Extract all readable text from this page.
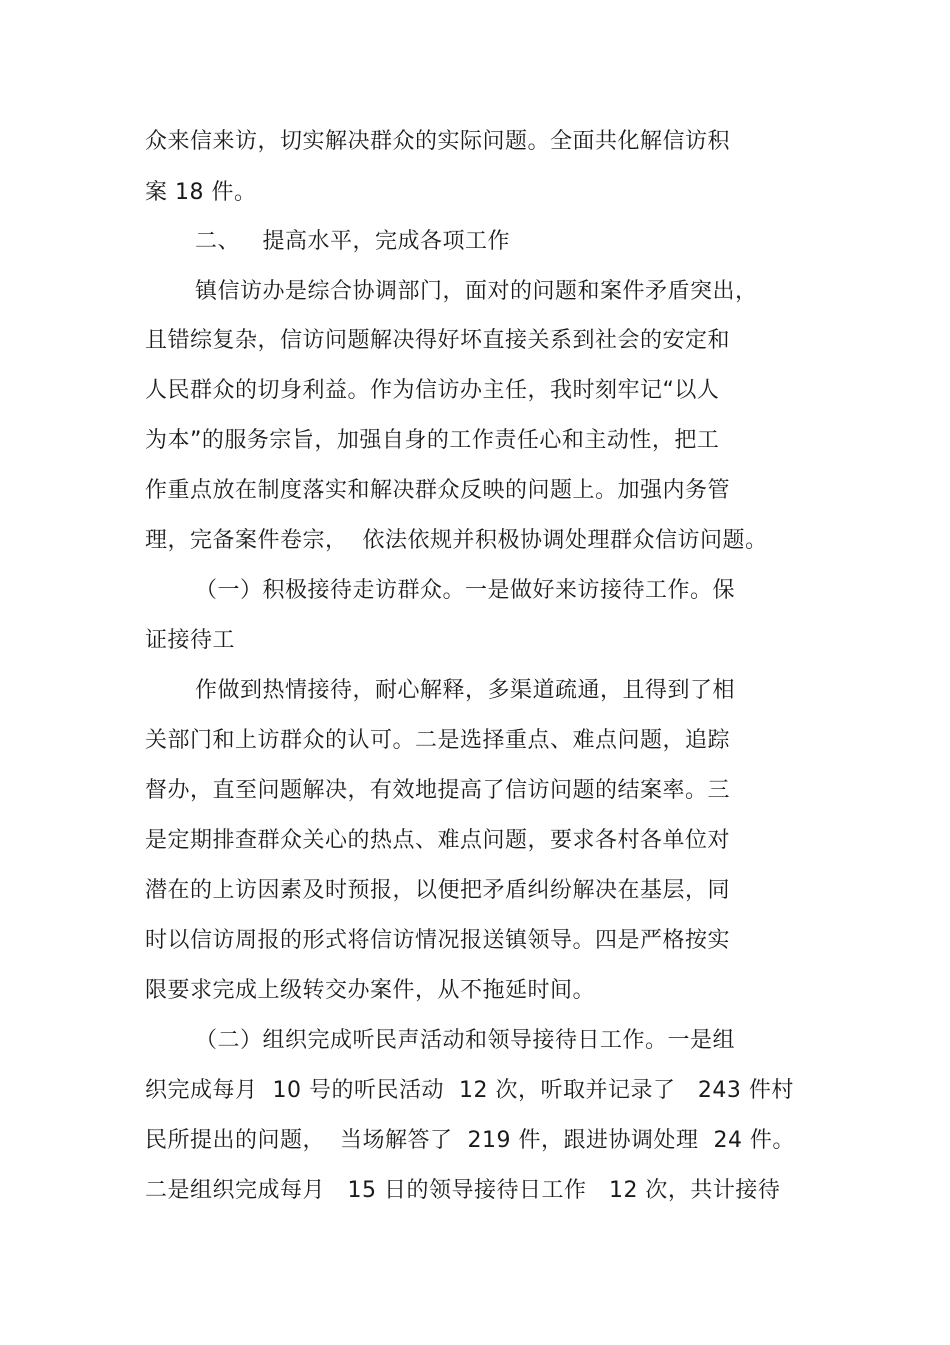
众来信来访，切实解决群众的实际问题。全面共化解信访积
案 18 件。
二、   提高水平，完成各项工作
镇信访办是综合协调部门，面对的问题和案件矛盾突出，
且错综复杂，信访问题解决得好坏直接关系到社会的安定和
人民群众的切身利益。作为信访办主任，我时刻牢记“以人
为本”的服务宗旨，加强自身的工作责任心和主动性，把工
作重点放在制度落实和解决群众反映的问题上。加强内务管
理，完备案件卷宗，  依法依规并积极协调处理群众信访问题。
（一）积极接待走访群众。一是做好来访接待工作。保
证接待工
作做到热情接待，耐心解释，多渠道疏通，且得到了相
关部门和上访群众的认可。二是选择重点、难点问题，追踪
督办，直至问题解决，有效地提高了信访问题的结案率。三
是定期排查群众关心的热点、难点问题，要求各村各单位对
潜在的上访因素及时预报，以便把矛盾纠纷解决在基层，同
时以信访周报的形式将信访情况报送镇领导。四是严格按实
限要求完成上级转交办案件，从不拖延时间。
（二）组织完成听民声活动和领导接待日工作。一是组
织完成每月  10 号的听民活动  12 次，听取并记录了   243 件村
民所提出的问题，  当场解答了  219 件，跟进协调处理  24 件。
二是组织完成每月   15 日的领导接待日工作   12 次，共计接待
